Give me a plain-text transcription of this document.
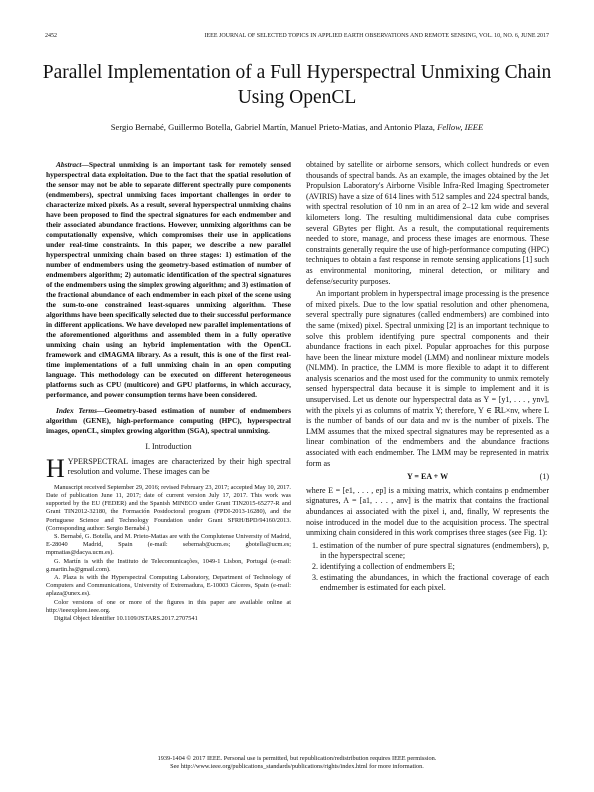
2452	IEEE JOURNAL OF SELECTED TOPICS IN APPLIED EARTH OBSERVATIONS AND REMOTE SENSING, VOL. 10, NO. 6, JUNE 2017
Parallel Implementation of a Full Hyperspectral Unmixing Chain Using OpenCL
Sergio Bernabé, Guillermo Botella, Gabriel Martín, Manuel Prieto-Matias, and Antonio Plaza, Fellow, IEEE

Abstract—Spectral unmixing is an important task for remotely sensed hyperspectral data exploitation. Due to the fact that the spatial resolution of the sensor may not be able to separate different spectrally pure components (endmembers), spectral unmixing faces important challenges in order to characterize mixed pixels. As a result, several hyperspectral unmixing chains have been proposed to find the spectral signatures for each endmember and their associated abundance fractions. However, unmixing algorithms can be computationally expensive, which compromises their use in applications under real-time constraints. In this paper, we describe a new parallel hyperspectral unmixing chain based on three stages: 1) estimation of the number of endmembers using the geometry-based estimation of number of endmembers algorithm; 2) automatic identification of the spectral signatures of the endmembers using the simplex growing algorithm; and 3) estimation of the fractional abundance of each endmember in each pixel of the scene using the sum-to-one constrained least-squares unmixing algorithm. These algorithms have been specifically selected due to their successful performance in different applications. We have developed new parallel implementations of the aforementioned algorithms and assembled them in a fully operative unmixing chain using an hybrid implementation with the OpenCL framework and clMAGMA library. As a result, this is one of the first real-time implementations of a full unmixing chain in an open computing language. This methodology can be executed on different heterogeneous platforms such as CPU (multicore) and GPU platforms, in which accuracy, performance, and power consumption terms have been considered.

Index Terms—Geometry-based estimation of number of endmembers algorithm (GENE), high-performance computing (HPC), hyperspectral images, openCL, simplex growing algorithm (SGA), spectral unmixing.

I. Introduction

HYPERSPECTRAL images are characterized by their high spectral resolution and volume. These images can be

Manuscript received September 29, 2016; revised February 23, 2017; accepted May 10, 2017. Date of publication June 11, 2017; date of current version July 17, 2017. This work was supported by the EU (FEDER) and the Spanish MINECO under Grant TIN2015-65277-R and Grant TIN2012-32180, the Formación Postdoctoral program (FPDI-2013-16280), and the Portuguese Science and Technology Foundation under Grant SFRH/BPD/94160/2013. (Corresponding author: Sergio Bernabé.)

S. Bernabé, G. Botella, and M. Prieto-Matias are with the Complutense University of Madrid, E-28040 Madrid, Spain (e-mail: sebernab@ucm.es; gbotella@ucm.es; mpmatias@dacya.ucm.es).

G. Martín is with the Instituto de Telecomunicações, 1049-1 Lisbon, Portugal (e-mail: g.martin.hs@gmail.com).

A. Plaza is with the Hyperspectral Computing Laboratory, Department of Technology of Computers and Communications, University of Extremadura, E-10003 Cáceres, Spain (e-mail: aplaza@unex.es).

Color versions of one or more of the figures in this paper are available online at http://ieeexplore.ieee.org.

Digital Object Identifier 10.1109/JSTARS.2017.2707541

obtained by satellite or airborne sensors, which collect hundreds or even thousands of spectral bands. As an example, the images obtained by the Jet Propulsion Laboratory's Airborne Visible Infra-Red Imaging Spectrometer (AVIRIS) have a size of 614 lines with 512 samples and 224 spectral bands, with spectral resolution of 10 nm in an area of 2–12 km wide and several kilometers long. The resulting multidimensional data cube comprises several GBytes per flight. As a result, the computational requirements needed to store, manage, and process these images are enormous. These constraints generally require the use of high-performance computing (HPC) techniques to obtain a fast response in remote sensing applications [1] such as environmental monitoring, mineral detection, or military and defense/security purposes.

An important problem in hyperspectral image processing is the presence of mixed pixels. Due to the low spatial resolution and other phenomena, several spectrally pure signatures (called endmembers) are combined into the same (mixed) pixel. Spectral unmixing [2] is an important technique to solve this problem identifying pure spectral components and their abundance fractions in each pixel. Popular approaches for this purpose have been the linear mixture model (LMM) and nonlinear mixture models (NLMM). In practice, the LMM is more flexible to adapt it to different analysis scenarios and the most used for the community to unmix remotely sensed hyperspectral data because it is simple to implement and it is unsupervised. Let us denote our hyperspectral data as Y = [y1, . . . , ynv], with the pixels yi as columns of matrix Y; therefore, Y ∈ ℝL×nv, where L is the number of bands of our data and nv is the number of pixels. The LMM assumes that the mixed spectral signatures may be represented as a linear combination of the endmembers and the abundance fractions associated with each endmember. The LMM may be represented in matrix form as

Y = EA + W	(1)

where E = [e1, . . . , ep] is a mixing matrix, which contains p endmember signatures, A = [a1, . . . , anv] is the matrix that contains the fractional abundances ai associated with the pixel i, and, finally, W represents the noise introduced in the model due to the acquisition process. The spectral unmixing chain considered in this work comprises three stages (see Fig. 1):

1. estimation of the number of pure spectral signatures (endmembers), p, in the hyperspectral scene;
2. identifying a collection of endmembers E;
3. estimating the abundances, in which the fractional coverage of each endmember is estimated for each pixel.
1939-1404 © 2017 IEEE. Personal use is permitted, but republication/redistribution requires IEEE permission.
See http://www.ieee.org/publications_standards/publications/rights/index.html for more information.
